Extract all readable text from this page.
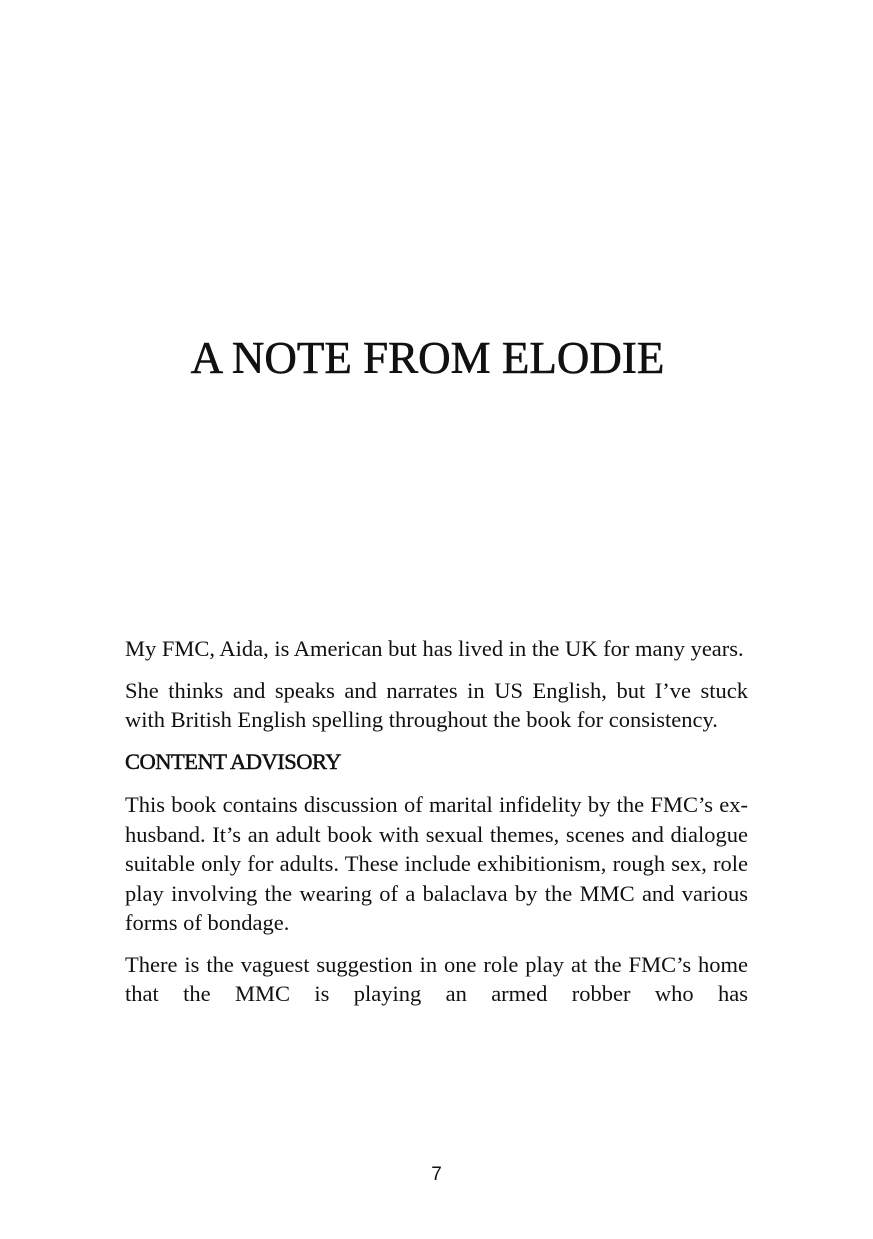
A NOTE FROM ELODIE

My FMC, Aida, is American but has lived in the UK for many years.

She thinks and speaks and narrates in US English, but I’ve stuck with British English spelling throughout the book for consistency.

CONTENT ADVISORY

This book contains discussion of marital infidelity by the FMC’s ex-husband. It’s an adult book with sexual themes, scenes and dialogue suitable only for adults. These include exhibitionism, rough sex, role play involving the wearing of a balaclava by the MMC and various forms of bondage.

There is the vaguest suggestion in one role play at the FMC’s home that the MMC is playing an armed robber who has

7
